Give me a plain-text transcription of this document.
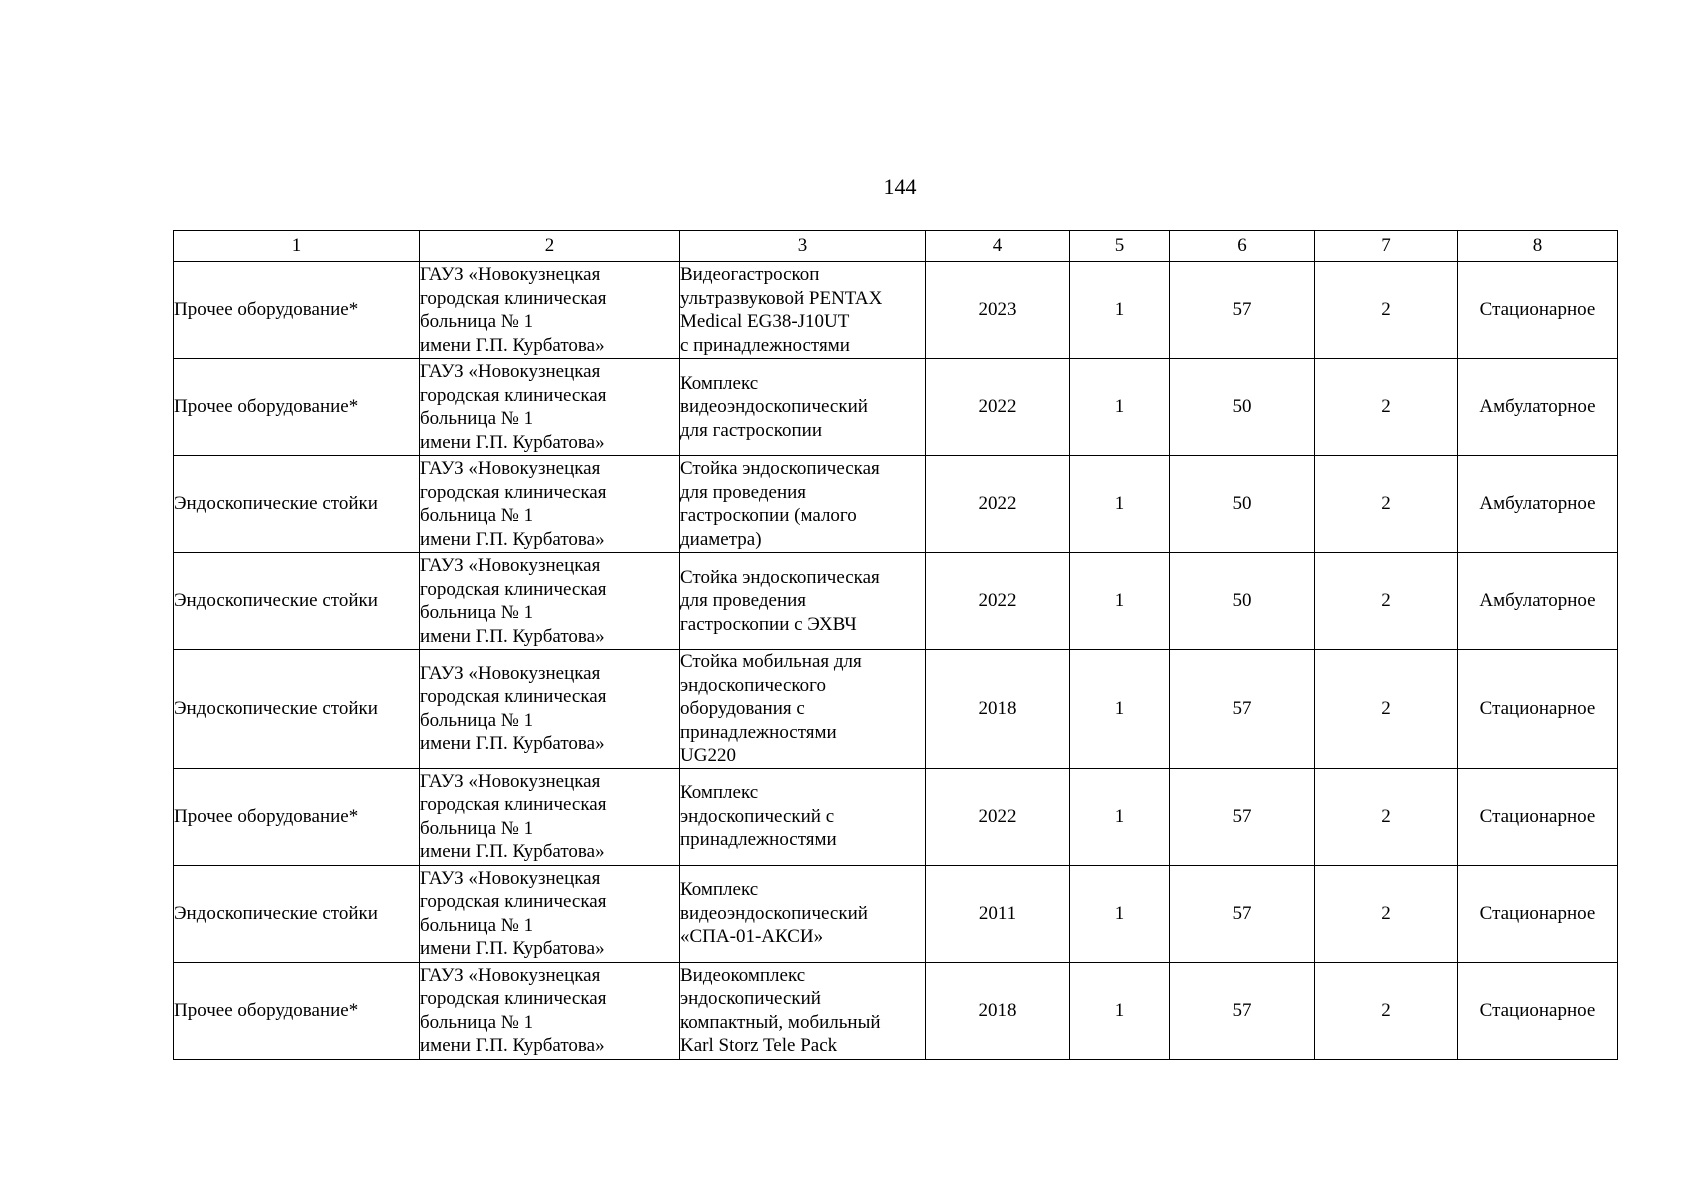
144
1	2	3	4	5	6	7	8
Прочее оборудование*	ГАУЗ «Новокузнецкая
городская клиническая
больница № 1
имени Г.П. Курбатова»	Видеогастроскоп
ультразвуковой PENTAX
Medical EG38-J10UT
с принадлежностями	2023	1	57	2	Стационарное
Прочее оборудование*	ГАУЗ «Новокузнецкая
городская клиническая
больница № 1
имени Г.П. Курбатова»	Комплекс
видеоэндоскопический
для гастроскопии	2022	1	50	2	Амбулаторное
Эндоскопические стойки	ГАУЗ «Новокузнецкая
городская клиническая
больница № 1
имени Г.П. Курбатова»	Стойка эндоскопическая
для проведения
гастроскопии (малого
диаметра)	2022	1	50	2	Амбулаторное
Эндоскопические стойки	ГАУЗ «Новокузнецкая
городская клиническая
больница № 1
имени Г.П. Курбатова»	Стойка эндоскопическая
для проведения
гастроскопии с ЭХВЧ	2022	1	50	2	Амбулаторное
Эндоскопические стойки	ГАУЗ «Новокузнецкая
городская клиническая
больница № 1
имени Г.П. Курбатова»	Стойка мобильная для
эндоскопического
оборудования с
принадлежностями
UG220	2018	1	57	2	Стационарное
Прочее оборудование*	ГАУЗ «Новокузнецкая
городская клиническая
больница № 1
имени Г.П. Курбатова»	Комплекс
эндоскопический с
принадлежностями	2022	1	57	2	Стационарное
Эндоскопические стойки	ГАУЗ «Новокузнецкая
городская клиническая
больница № 1
имени Г.П. Курбатова»	Комплекс
видеоэндоскопический
«СПА-01-АКСИ»	2011	1	57	2	Стационарное
Прочее оборудование*	ГАУЗ «Новокузнецкая
городская клиническая
больница № 1
имени Г.П. Курбатова»	Видеокомплекс
эндоскопический
компактный, мобильный
Karl Storz Tele Pack	2018	1	57	2	Стационарное
